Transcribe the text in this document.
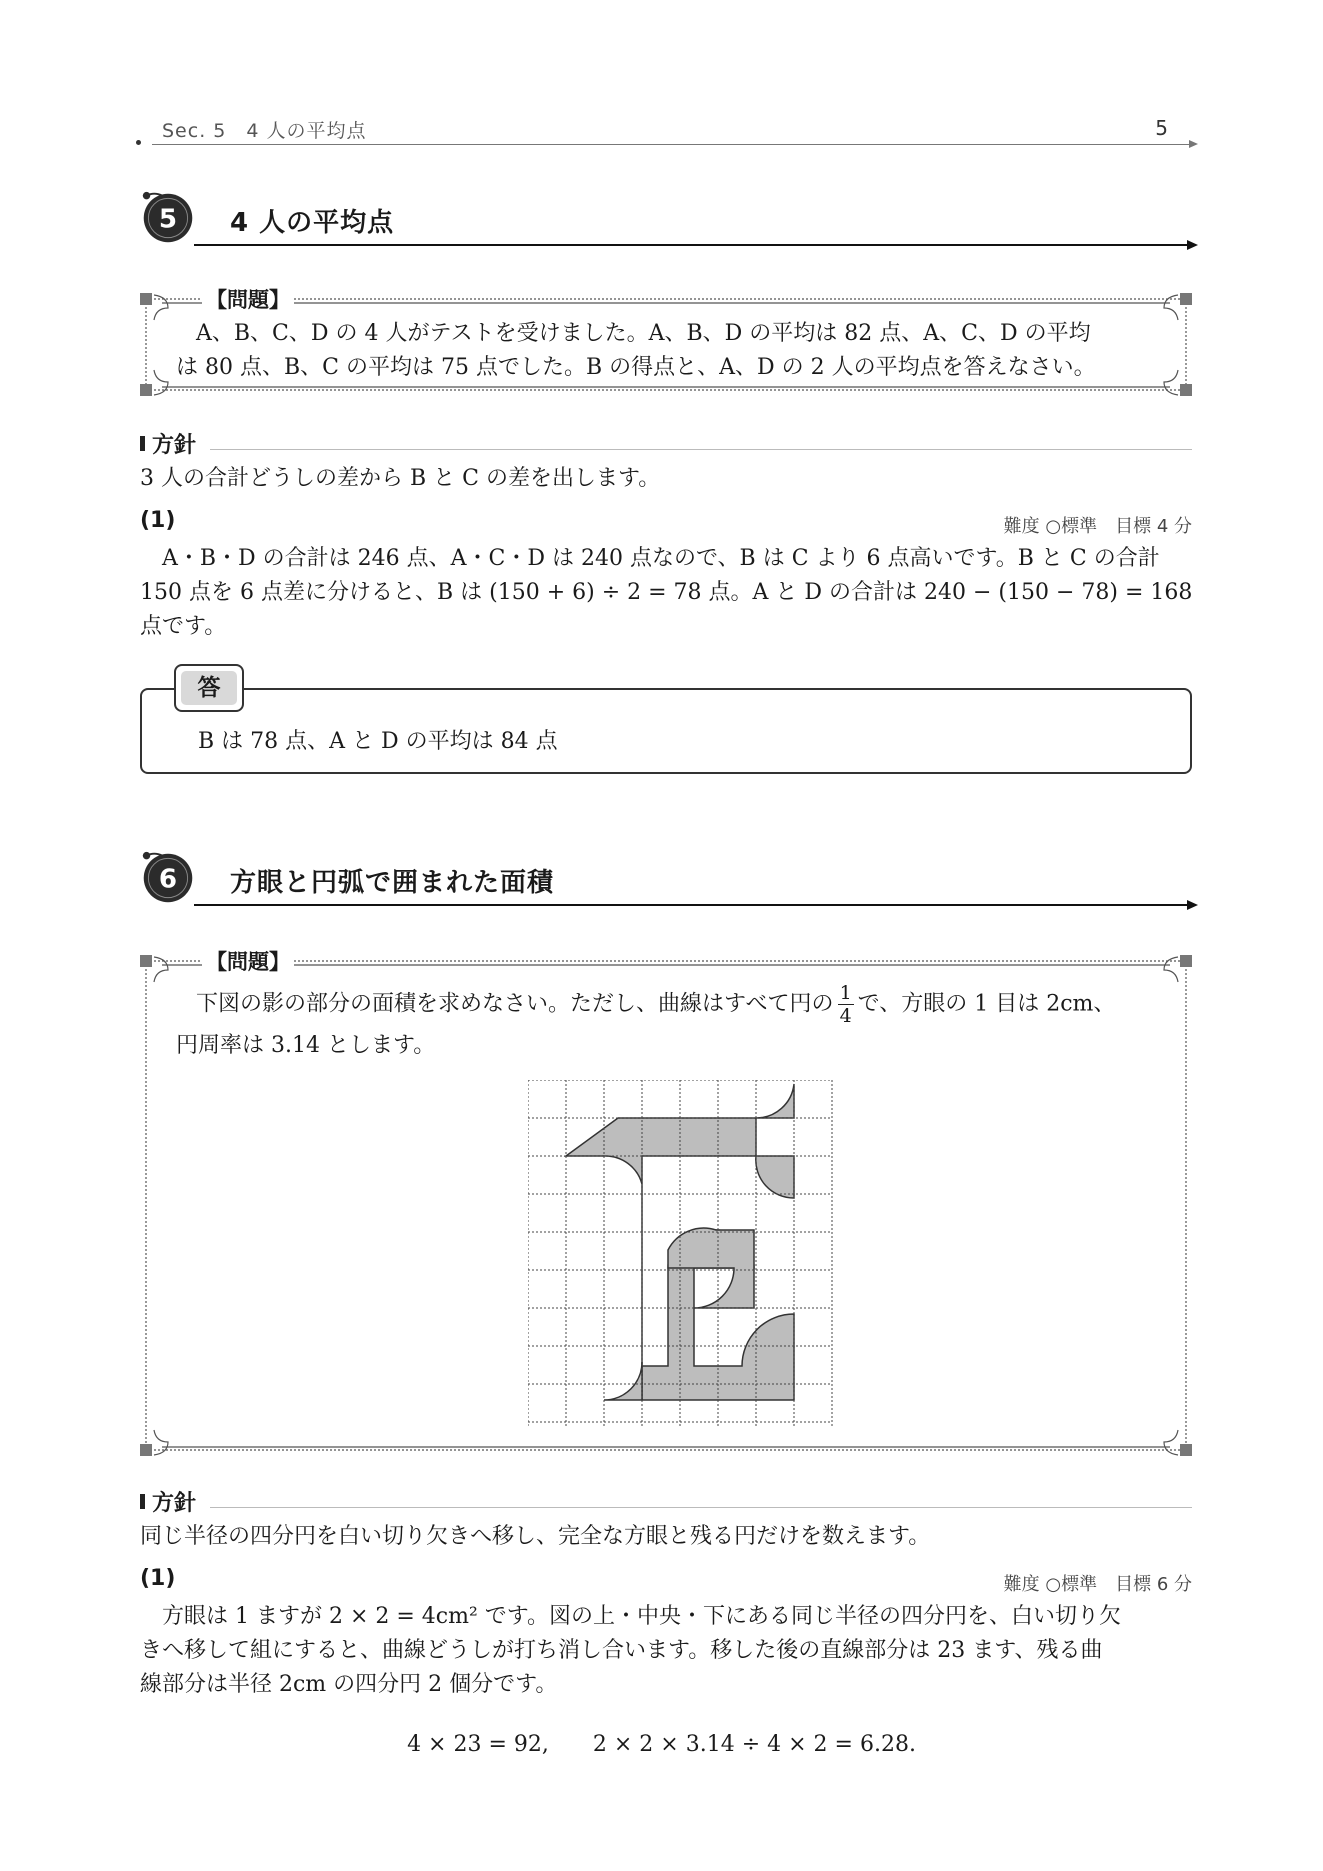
Sec. 5　4 人の平均点	5
5 4 人の平均点
【問題】
A、B、C、D の 4 人がテストを受けました。A、B、D の平均は 82 点、A、C、D の平均
は 80 点、B、C の平均は 75 点でした。B の得点と、A、D の 2 人の平均点を答えなさい。
方針
3 人の合計どうしの差から B と C の差を出します。
(1)	難度 ○標準　目標 4 分
A・B・D の合計は 246 点、A・C・D は 240 点なので、B は C より 6 点高いです。B と C の合計
150 点を 6 点差に分けると、B は (150 + 6) ÷ 2 = 78 点。A と D の合計は 240 − (150 − 78) = 168
点です。
答
B は 78 点、A と D の平均は 84 点
6 方眼と円弧で囲まれた面積
【問題】
下図の影の部分の面積を求めなさい。ただし、曲線はすべて円の $\frac{1}{4}$ で、方眼の 1 目は 2cm、
円周率は 3.14 とします。
方針
同じ半径の四分円を白い切り欠きへ移し、完全な方眼と残る円だけを数えます。
(1)	難度 ○標準　目標 6 分
方眼は 1 ますが 2 × 2 = 4cm² です。図の上・中央・下にある同じ半径の四分円を、白い切り欠
きへ移して組にすると、曲線どうしが打ち消し合います。移した後の直線部分は 23 ます、残る曲
線部分は半径 2cm の四分円 2 個分です。
4 × 23 = 92,　　2 × 2 × 3.14 ÷ 4 × 2 = 6.28.
